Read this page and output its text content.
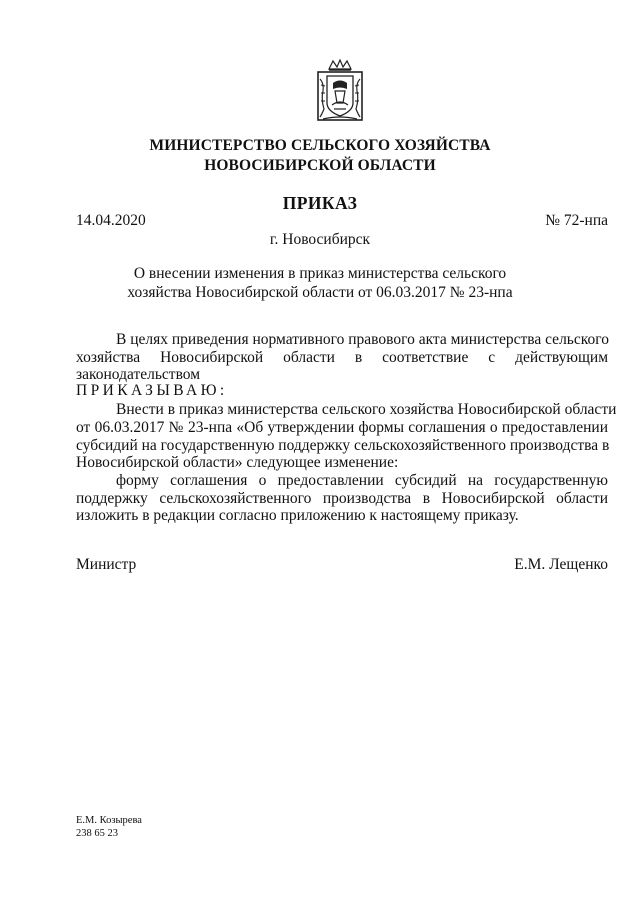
МИНИСТЕРСТВО СЕЛЬСКОГО ХОЗЯЙСТВА
НОВОСИБИРСКОЙ ОБЛАСТИ
ПРИКАЗ
14.04.2020	№ 72-нпа
г. Новосибирск
О внесении изменения в приказ министерства сельского
хозяйства Новосибирской области от 06.03.2017 № 23-нпа
В целях приведения нормативного правового акта министерства сельского
хозяйства Новосибирской области в соответствие с действующим
законодательством
ПРИКАЗЫВАЮ:
Внести в приказ министерства сельского хозяйства Новосибирской области
от 06.03.2017 № 23-нпа «Об утверждении формы соглашения о предоставлении
субсидий на государственную поддержку сельскохозяйственного производства в
Новосибирской области» следующее изменение:
форму соглашения о предоставлении субсидий на государственную
поддержку сельскохозяйственного производства в Новосибирской области
изложить в редакции согласно приложению к настоящему приказу.
Министр	Е.М. Лещенко
Е.М. Козырева
238 65 23
